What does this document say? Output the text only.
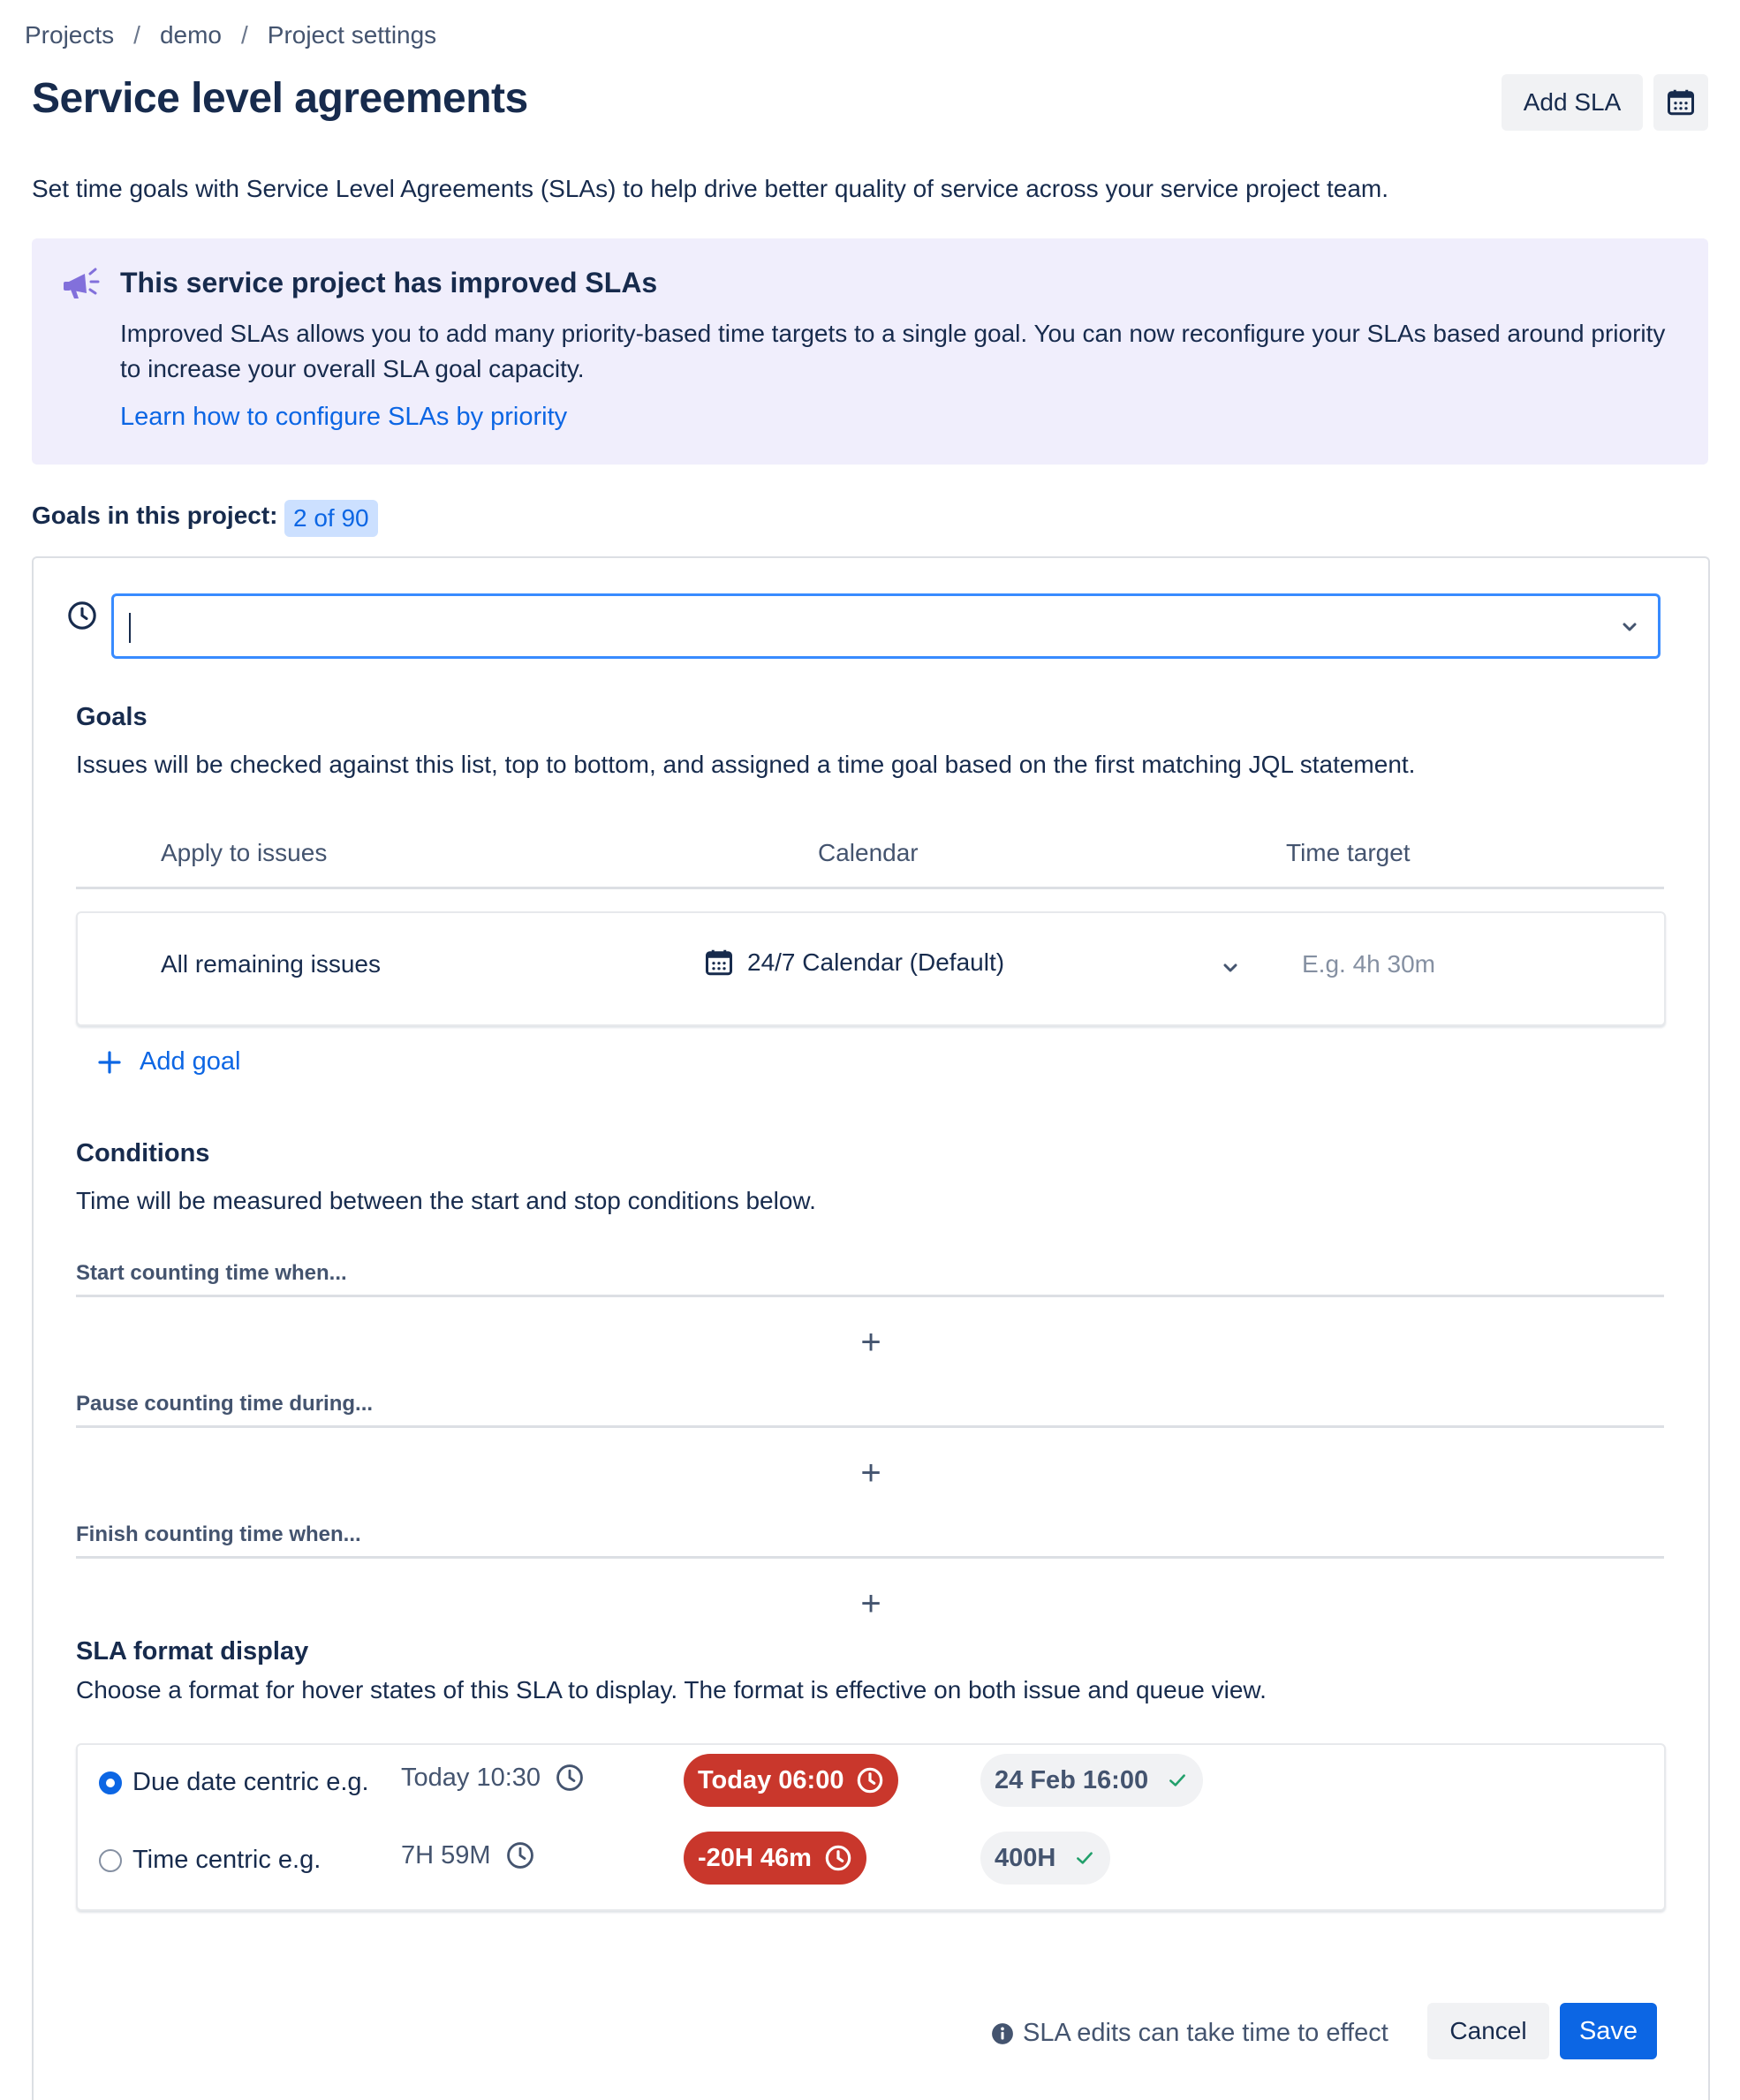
Projects / demo / Project settings
Service level agreements	Add SLA
Set time goals with Service Level Agreements (SLAs) to help drive better quality of service across your service project team.
This service project has improved SLAs
Improved SLAs allows you to add many priority-based time targets to a single goal. You can now reconfigure your SLAs based around priority to increase your overall SLA goal capacity.
Learn how to configure SLAs by priority
Goals in this project: 2 of 90
Goals
Issues will be checked against this list, top to bottom, and assigned a time goal based on the first matching JQL statement.
Apply to issues	Calendar	Time target
All remaining issues	24/7 Calendar (Default)	E.g. 4h 30m
Add goal
Conditions
Time will be measured between the start and stop conditions below.
Start counting time when...
+
Pause counting time during...
+
Finish counting time when...
+
SLA format display
Choose a format for hover states of this SLA to display. The format is effective on both issue and queue view.
Due date centric e.g. Today 10:30	Today 06:00	24 Feb 16:00
Time centric e.g.	7H 59M	-20H 46m	400H
SLA edits can take time to effect	Cancel	Save
